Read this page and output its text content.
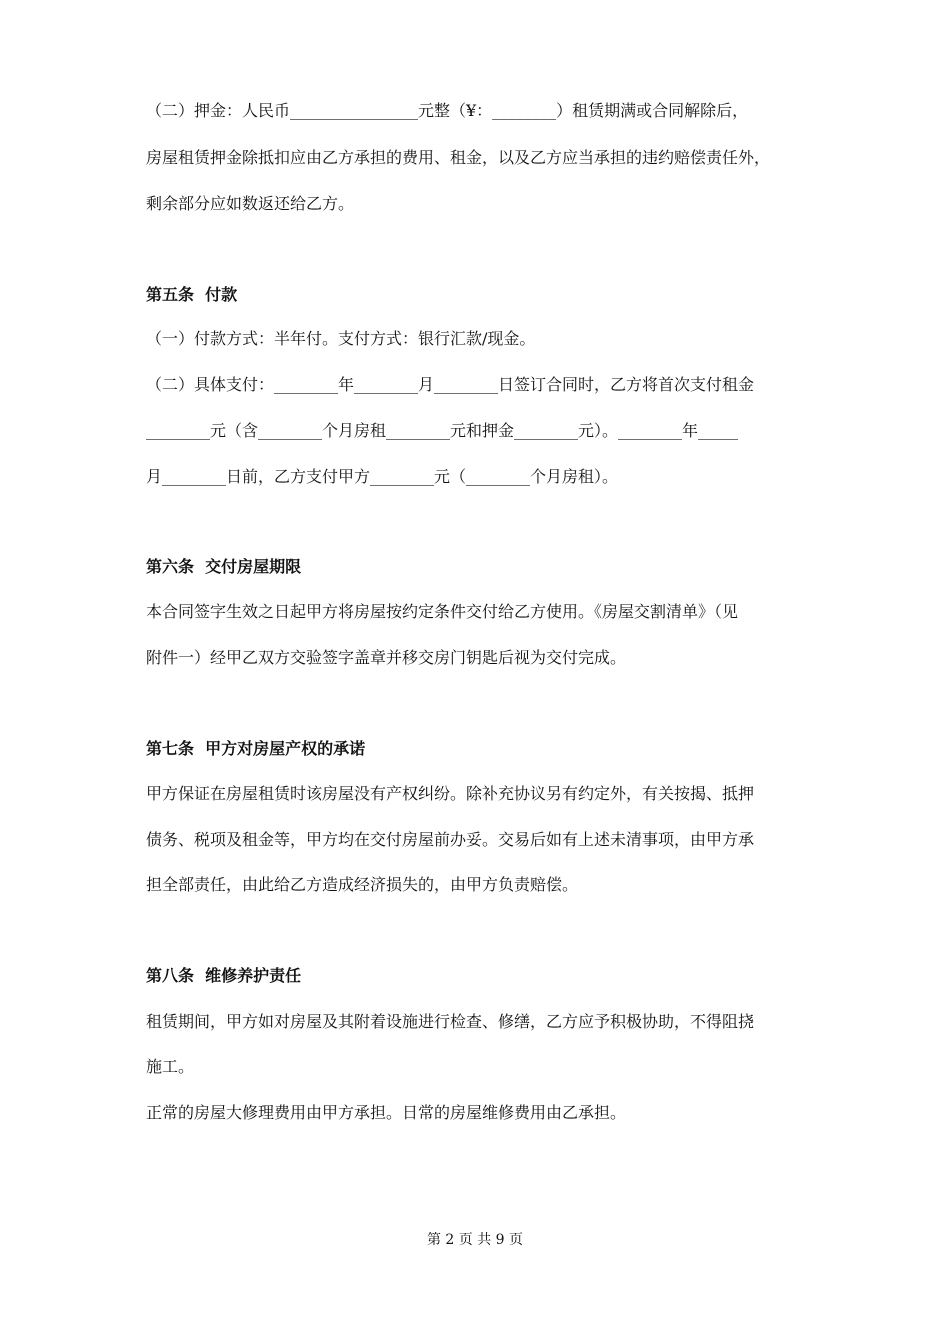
（二）押金：人民币________________元整（¥：________）租赁期满或合同解除后，
房屋租赁押金除抵扣应由乙方承担的费用、租金，以及乙方应当承担的违约赔偿责任外，
剩余部分应如数返还给乙方。
第五条  付款
（一）付款方式：半年付。支付方式：银行汇款/现金。
（二）具体支付：________年________月________日签订合同时，乙方将首次支付租金
________元（含________个月房租________元和押金________元）。________年_____
月________日前，乙方支付甲方________元（________个月房租）。
第六条  交付房屋期限
本合同签字生效之日起甲方将房屋按约定条件交付给乙方使用。《房屋交割清单》（见
附件一）经甲乙双方交验签字盖章并移交房门钥匙后视为交付完成。
第七条  甲方对房屋产权的承诺
甲方保证在房屋租赁时该房屋没有产权纠纷。除补充协议另有约定外，有关按揭、抵押
债务、税项及租金等，甲方均在交付房屋前办妥。交易后如有上述未清事项，由甲方承
担全部责任，由此给乙方造成经济损失的，由甲方负责赔偿。
第八条  维修养护责任
租赁期间，甲方如对房屋及其附着设施进行检查、修缮，乙方应予积极协助，不得阻挠
施工。
正常的房屋大修理费用由甲方承担。日常的房屋维修费用由乙承担。
第 2 页 共 9 页
